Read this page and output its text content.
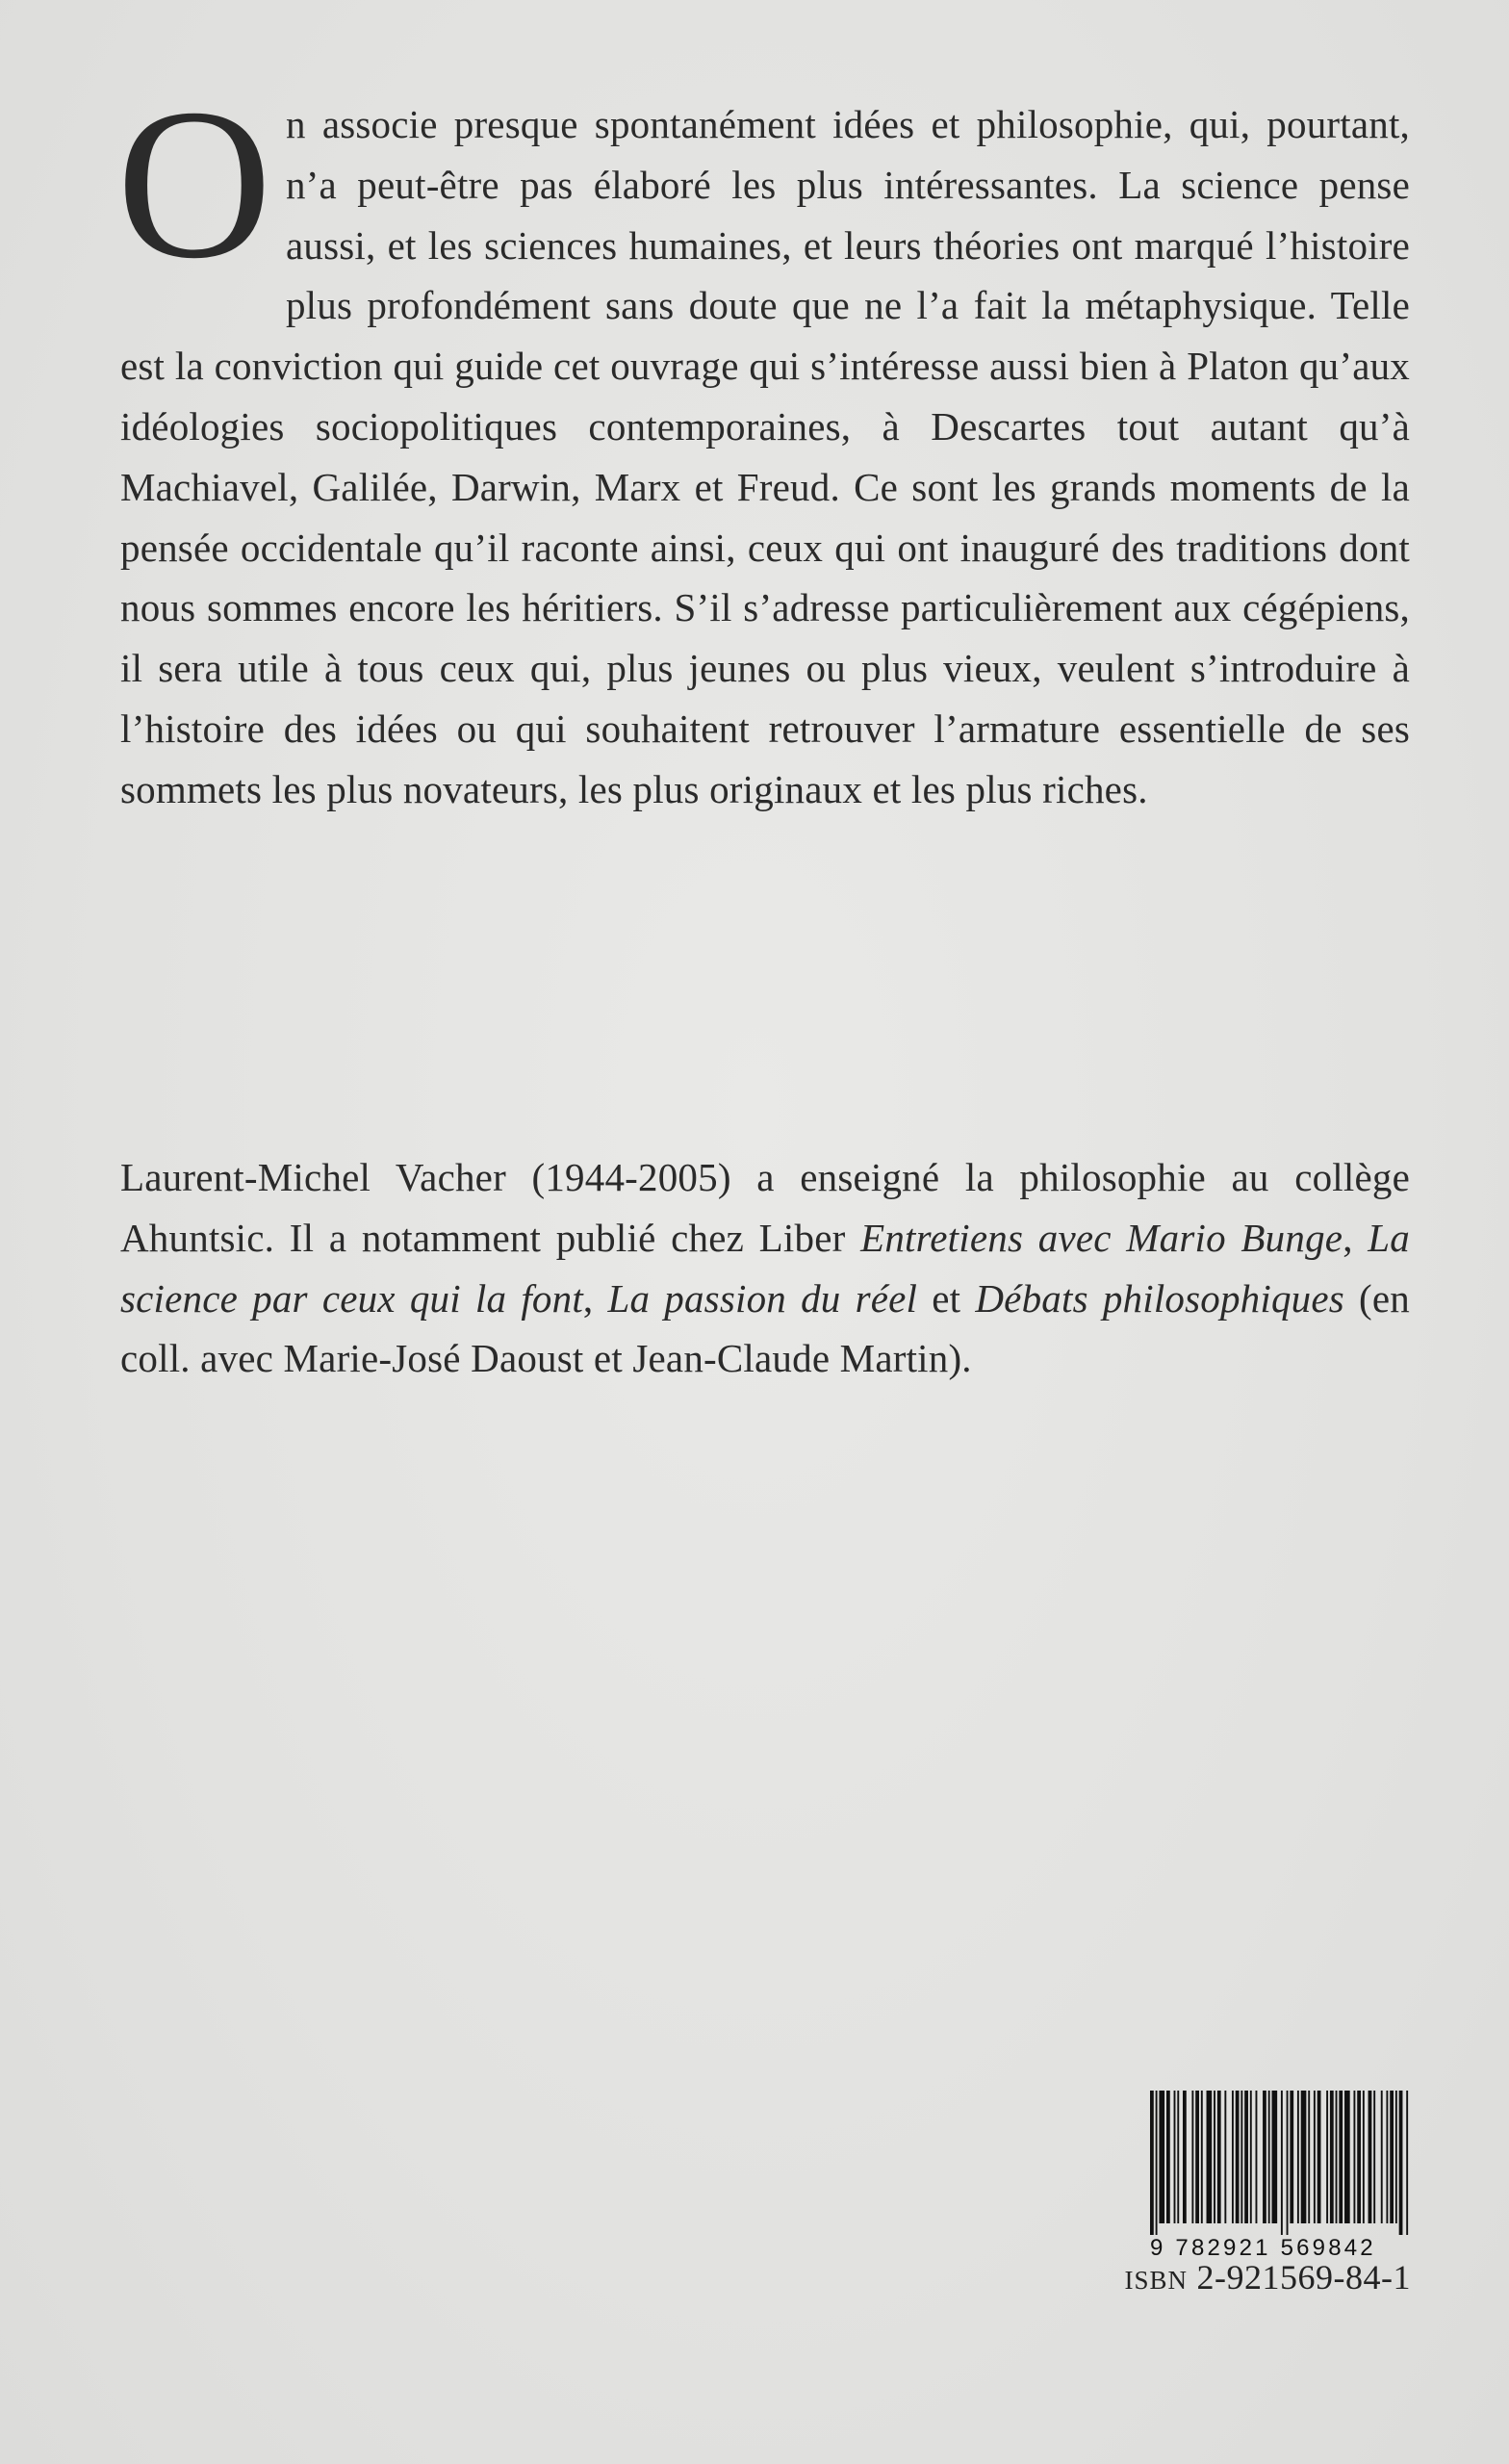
On associe presque spontanément idées et philosophie, qui, pourtant, n’a peut-être pas élaboré les plus intéressantes. La science pense aussi, et les sciences humaines, et leurs théories ont marqué l’histoire plus profondément sans doute que ne l’a fait la métaphysique. Telle est la conviction qui guide cet ouvrage qui s’intéresse aussi bien à Platon qu’aux idéologies sociopolitiques contemporaines, à Descartes tout autant qu’à Machiavel, Galilée, Darwin, Marx et Freud. Ce sont les grands moments de la pensée occidentale qu’il raconte ainsi, ceux qui ont inauguré des traditions dont nous sommes encore les héritiers. S’il s’adresse particulièrement aux cégépiens, il sera utile à tous ceux qui, plus jeunes ou plus vieux, veulent s’introduire à l’histoire des idées ou qui souhaitent retrouver l’armature essentielle de ses sommets les plus novateurs, les plus originaux et les plus riches.
Laurent-Michel Vacher (1944-2005) a enseigné la philosophie au collège Ahuntsic. Il a notamment publié chez Liber Entretiens avec Mario Bunge, La science par ceux qui la font, La passion du réel et Débats philosophiques (en coll. avec Marie-José Daoust et Jean-Claude Martin).
9 782921 569842
ISBN 2-921569-84-1
